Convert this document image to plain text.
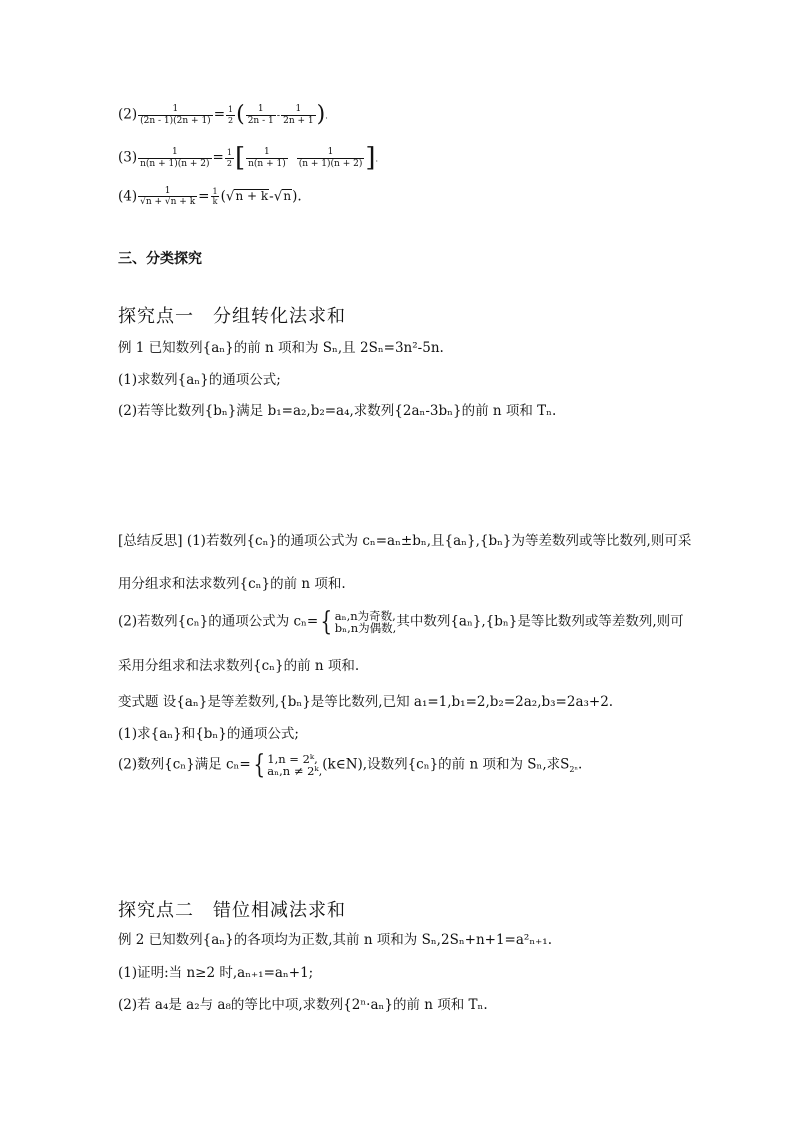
$(2) \frac{1}{(2n - 1)(2n + 1)} = \frac{1}{2}$ ( $\frac{1}{2n - 1} - \frac{1}{2n + 1}$ ).
$(3) \frac{1}{n(n + 1)(n + 2)} = \frac{1}{2}$ [ $\frac{1}{n(n + 1)} \frac{1}{(n + 1)(n + 2)}$ ].
$(4) \frac{1}{√n + √n + k} = \frac{1}{k} (√n + k-√n)$.
三、分类探究
探究点一　分组转化法求和
例 1 已知数列{aₙ}的前 n 项和为 Sₙ,且 2Sₙ=3n²-5n.
(1)求数列{aₙ}的通项公式;
(2)若等比数列{bₙ}满足 b₁=a₂,b₂=a₄,求数列{2aₙ-3bₙ}的前 n 项和 Tₙ.
[总结反思] (1)若数列{cₙ}的通项公式为 cₙ=aₙ±bₙ,且{aₙ},{bₙ}为等差数列或等比数列,则可采
用分组求和法求数列{cₙ}的前 n 项和.
(2)若数列{cₙ}的通项公式为 cₙ={ aₙ,n为奇数,
bₙ,n为偶数, 其中数列{aₙ},{bₙ}是等比数列或等差数列,则可
采用分组求和法求数列{cₙ}的前 n 项和.
变式题 设{aₙ}是等差数列,{bₙ}是等比数列,已知 a₁=1,b₁=2,b₂=2a₂,b₃=2a₃+2.
(1)求{aₙ}和{bₙ}的通项公式;
(2)数列{cₙ}满足 cₙ={ 1,n = 2ᵏ,
aₙ,n ≠ 2ᵏ, (k∈N),设数列{cₙ}的前 n 项和为 Sₙ,求$S_{2^n}$.
探究点二　错位相减法求和
例 2 已知数列{aₙ}的各项均为正数,其前 n 项和为 Sₙ,2Sₙ+n+1=a²ₙ₊₁.
(1)证明:当 n≥2 时,aₙ₊₁=aₙ+1;
(2)若 a₄是 a₂与 a₈的等比中项,求数列{2ⁿ·aₙ}的前 n 项和 Tₙ.
